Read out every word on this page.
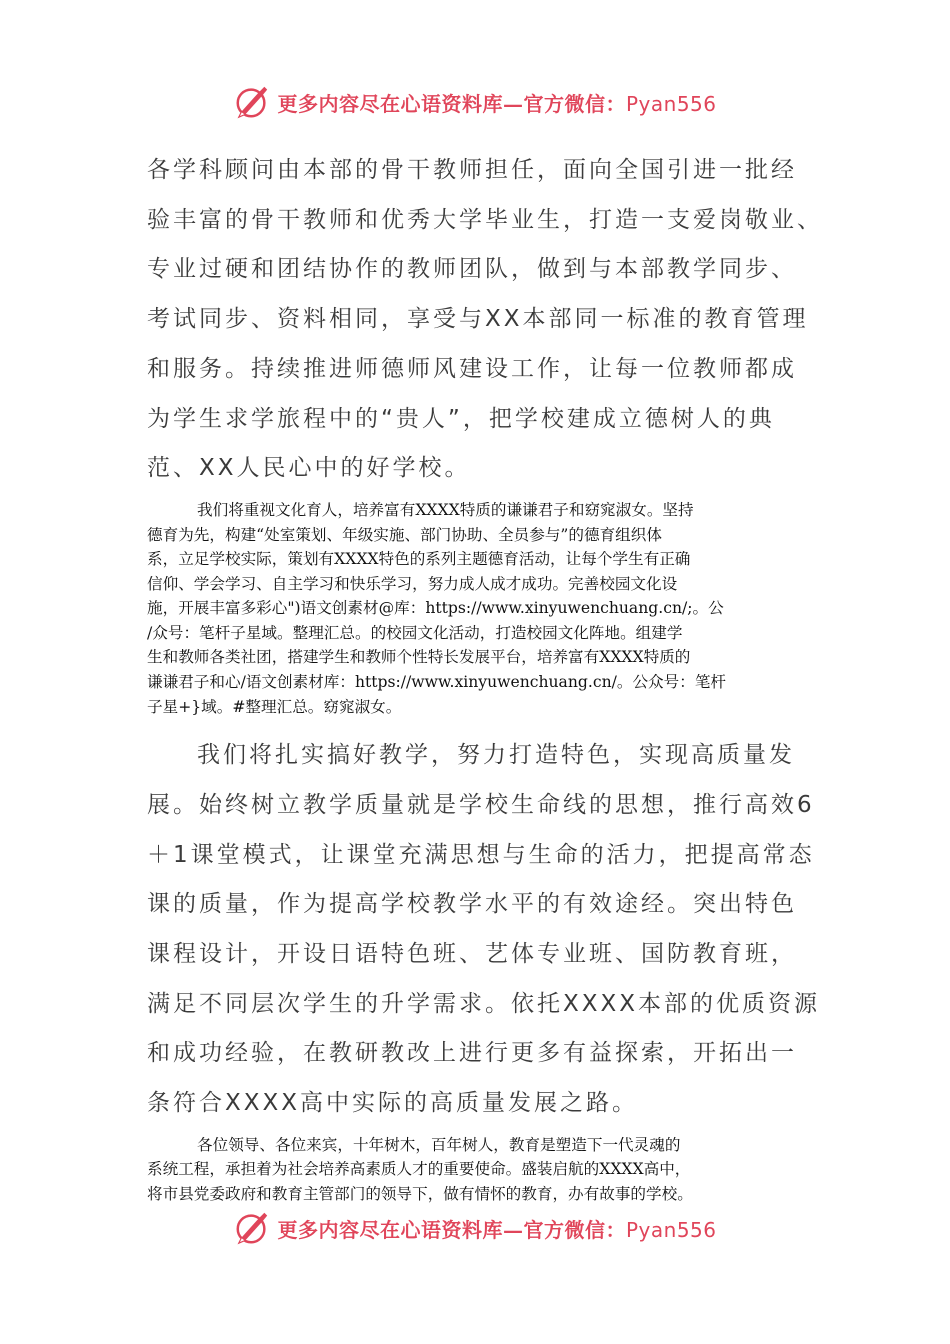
更多内容尽在心语资料库—官方微信：Pyan556
各学科顾问由本部的骨干教师担任，面向全国引进一批经
验丰富的骨干教师和优秀大学毕业生，打造一支爱岗敬业、
专业过硬和团结协作的教师团队，做到与本部教学同步、
考试同步、资料相同，享受与XX本部同一标准的教育管理
和服务。持续推进师德师风建设工作，让每一位教师都成
为学生求学旅程中的“贵人”，把学校建成立德树人的典
范、XX人民心中的好学校。
我们将重视文化育人，培养富有XXXX特质的谦谦君子和窈窕淑女。坚持
德育为先，构建“处室策划、年级实施、部门协助、全员参与”的德育组织体
系，立足学校实际，策划有XXXX特色的系列主题德育活动，让每个学生有正确
信仰、学会学习、自主学习和快乐学习，努力成人成才成功。完善校园文化设
施，开展丰富多彩心")语文创素材@库：https://www.xinyuwenchuang.cn/;。公
/众号：笔杆子星域。整理汇总。的校园文化活动，打造校园文化阵地。组建学
生和教师各类社团，搭建学生和教师个性特长发展平台，培养富有XXXX特质的
谦谦君子和心/语文创素材库：https://www.xinyuwenchuang.cn/。公众号：笔杆
子星+}域。#整理汇总。窈窕淑女。
我们将扎实搞好教学，努力打造特色，实现高质量发
展。始终树立教学质量就是学校生命线的思想，推行高效6
＋1课堂模式，让课堂充满思想与生命的活力，把提高常态
课的质量，作为提高学校教学水平的有效途经。突出特色
课程设计，开设日语特色班、艺体专业班、国防教育班，
满足不同层次学生的升学需求。依托XXXX本部的优质资源
和成功经验，在教研教改上进行更多有益探索，开拓出一
条符合XXXX高中实际的高质量发展之路。
各位领导、各位来宾，十年树木，百年树人，教育是塑造下一代灵魂的
系统工程，承担着为社会培养高素质人才的重要使命。盛装启航的XXXX高中，
将市县党委政府和教育主管部门的领导下，做有情怀的教育，办有故事的学校。
更多内容尽在心语资料库—官方微信：Pyan556
